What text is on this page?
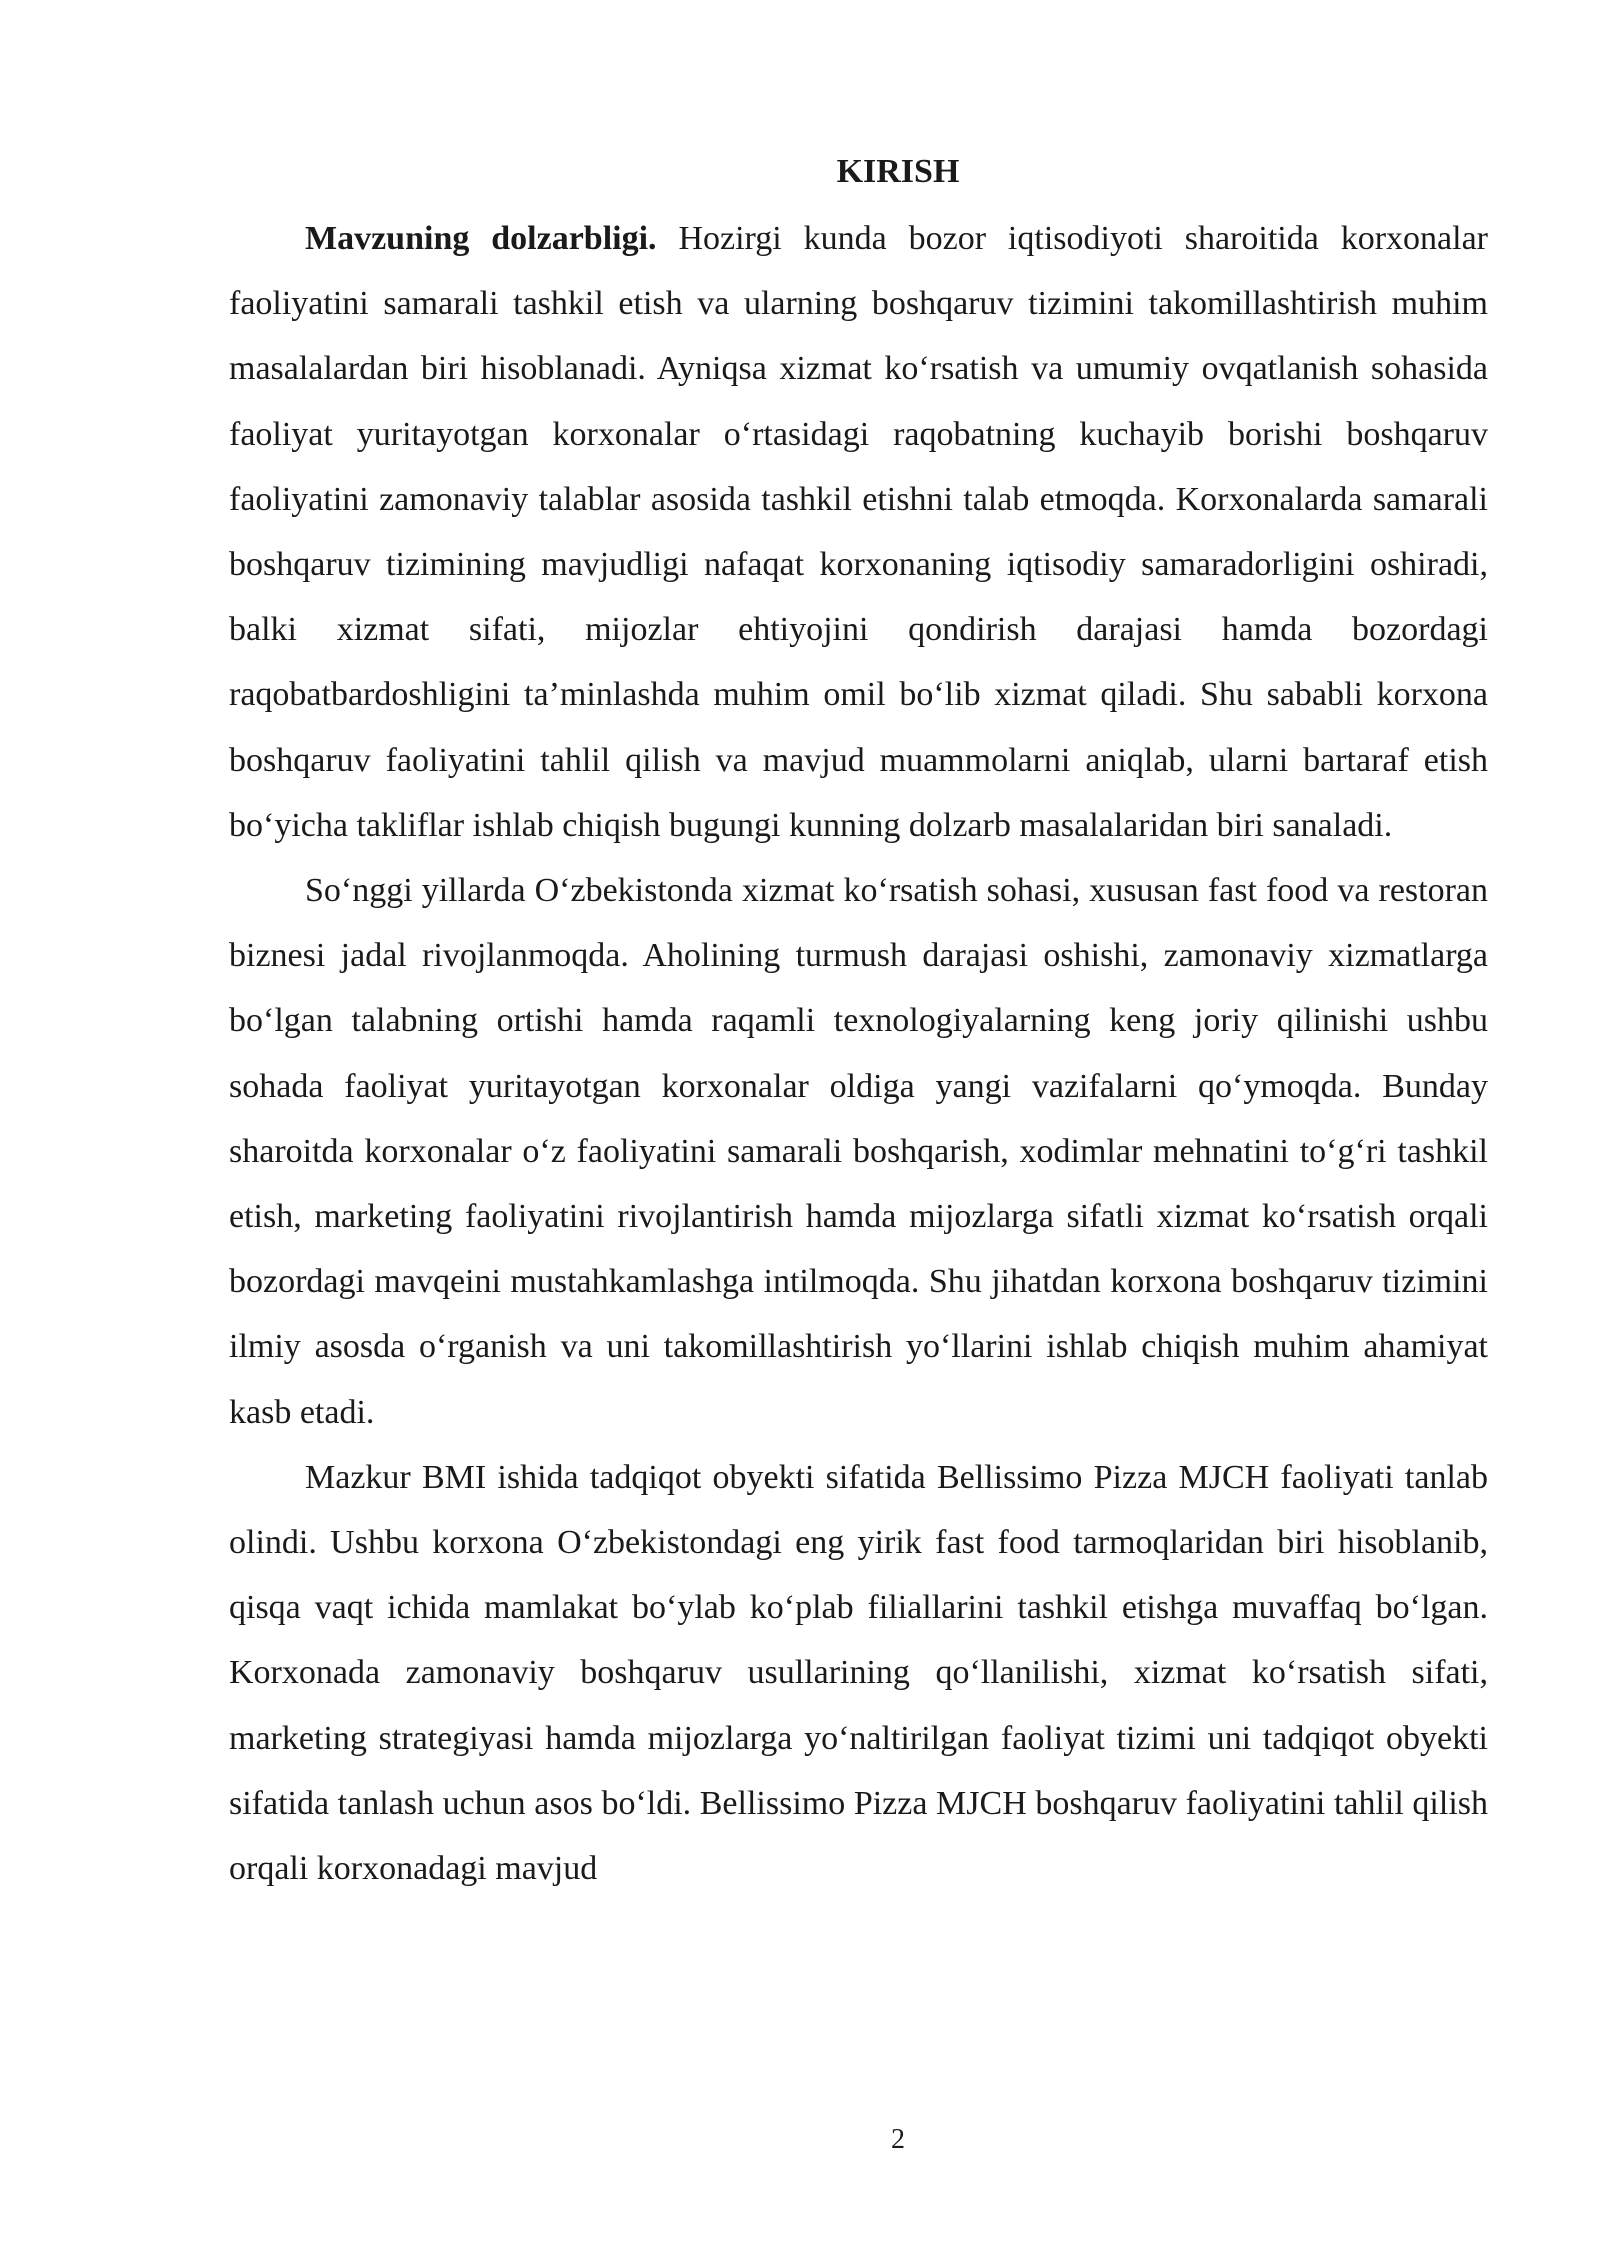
KIRISH

Mavzuning dolzarbligi. Hozirgi kunda bozor iqtisodiyoti sharoitida korxonalar faoliyatini samarali tashkil etish va ularning boshqaruv tizimini takomillashtirish muhim masalalardan biri hisoblanadi. Ayniqsa xizmat koʻrsatish va umumiy ovqatlanish sohasida faoliyat yuritayotgan korxonalar oʻrtasidagi raqobatning kuchayib borishi boshqaruv faoliyatini zamonaviy talablar asosida tashkil etishni talab etmoqda. Korxonalarda samarali boshqaruv tizimining mavjudligi nafaqat korxonaning iqtisodiy samaradorligini oshiradi, balki xizmat sifati, mijozlar ehtiyojini qondirish darajasi hamda bozordagi raqobatbardoshligini ta’minlashda muhim omil boʻlib xizmat qiladi. Shu sababli korxona boshqaruv faoliyatini tahlil qilish va mavjud muammolarni aniqlab, ularni bartaraf etish boʻyicha takliflar ishlab chiqish bugungi kunning dolzarb masalalaridan biri sanaladi.

Soʻnggi yillarda Oʻzbekistonda xizmat koʻrsatish sohasi, xususan fast food va restoran biznesi jadal rivojlanmoqda. Aholining turmush darajasi oshishi, zamonaviy xizmatlarga boʻlgan talabning ortishi hamda raqamli texnologiyalarning keng joriy qilinishi ushbu sohada faoliyat yuritayotgan korxonalar oldiga yangi vazifalarni qoʻymoqda. Bunday sharoitda korxonalar oʻz faoliyatini samarali boshqarish, xodimlar mehnatini toʻgʻri tashkil etish, marketing faoliyatini rivojlantirish hamda mijozlarga sifatli xizmat koʻrsatish orqali bozordagi mavqeini mustahkamlashga intilmoqda. Shu jihatdan korxona boshqaruv tizimini ilmiy asosda oʻrganish va uni takomillashtirish yoʻllarini ishlab chiqish muhim ahamiyat kasb etadi.

Mazkur BMI ishida tadqiqot obyekti sifatida Bellissimo Pizza MJCH faoliyati tanlab olindi. Ushbu korxona Oʻzbekistondagi eng yirik fast food tarmoqlaridan biri hisoblanib, qisqa vaqt ichida mamlakat boʻylab koʻplab filiallarini tashkil etishga muvaffaq boʻlgan. Korxonada zamonaviy boshqaruv usullarining qoʻllanilishi, xizmat koʻrsatish sifati, marketing strategiyasi hamda mijozlarga yoʻnaltirilgan faoliyat tizimi uni tadqiqot obyekti sifatida tanlash uchun asos boʻldi. Bellissimo Pizza MJCH boshqaruv faoliyatini tahlil qilish orqali korxonadagi mavjud

2
